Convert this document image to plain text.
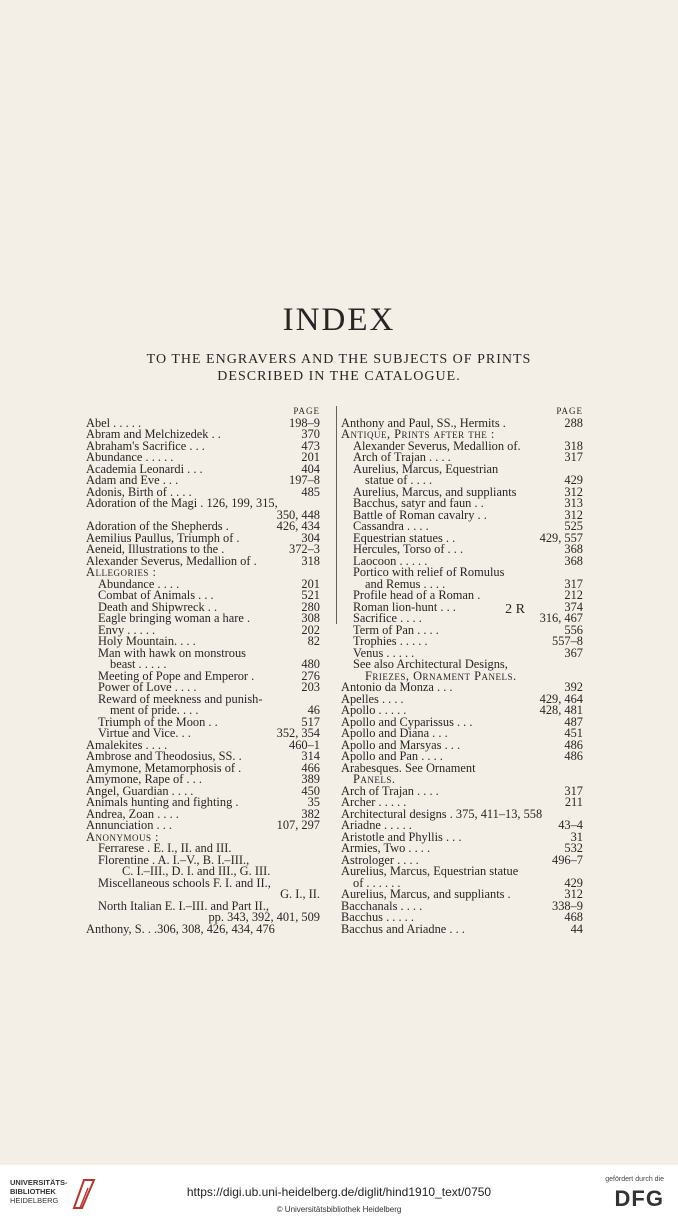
INDEX
TO THE ENGRAVERS AND THE SUBJECTS OF PRINTS
DESCRIBED IN THE CATALOGUE.
PAGE
Abel . . . . .	198–9
Abram and Melchizedek . .	370
Abraham's Sacrifice . . .	473
Abundance . . . . .	201
Academia Leonardi . . .	404
Adam and Eve . . .	197–8
Adonis, Birth of . . . .	485
Adoration of the Magi . 126, 199, 315,
350, 448
Adoration of the Shepherds .	426, 434
Aemilius Paullus, Triumph of .	304
Aeneid, Illustrations to the .	372–3
Alexander Severus, Medallion of .	318
Allegories :
Abundance . . . .	201
Combat of Animals . . .	521
Death and Shipwreck . .	280
Eagle bringing woman a hare .	308
Envy . . . . .	202
Holy Mountain. . . .	82
Man with hawk on monstrous
beast . . . . .	480
Meeting of Pope and Emperor .	276
Power of Love . . . .	203
Reward of meekness and punish-
ment of pride. . . .	46
Triumph of the Moon . .	517
Virtue and Vice. . .	352, 354
Amalekites . . . .	460–1
Ambrose and Theodosius, SS. .	314
Amymone, Metamorphosis of .	466
Amymone, Rape of . . .	389
Angel, Guardian . . . .	450
Animals hunting and fighting .	35
Andrea, Zoan . . . .	382
Annunciation . . .	107, 297
Anonymous :
Ferrarese . E. I., II. and III.
Florentine . A. I.–V., B. I.–III.,
C. I.–III., D. I. and III., G. III.
Miscellaneous schools F. I. and II.,
G. I., II.
North Italian E. I.–III. and Part II.,
pp. 343, 392, 401, 509
Anthony, S. . .306, 308, 426, 434, 476
PAGE
Anthony and Paul, SS., Hermits .	288
Antique, Prints after the :
Alexander Severus, Medallion of.	318
Arch of Trajan . . . .	317
Aurelius, Marcus, Equestrian
statue of . . . .	429
Aurelius, Marcus, and suppliants	312
Bacchus, satyr and faun . .	313
Battle of Roman cavalry . .	312
Cassandra . . . .	525
Equestrian statues . .	429, 557
Hercules, Torso of . . .	368
Laocoon . . . . .	368
Portico with relief of Romulus
and Remus . . . .	317
Profile head of a Roman .	212
Roman lion-hunt . . .	374
Sacrifice . . . .	316, 467
Term of Pan . . . .	556
Trophies . . . . .	557–8
Venus . . . . .	367
See also Architectural Designs,
Friezes, Ornament Panels.
Antonio da Monza . . .	392
Apelles . . . .	429, 464
Apollo . . . . .	428, 481
Apollo and Cyparissus . . .	487
Apollo and Diana . . .	451
Apollo and Marsyas . . .	486
Apollo and Pan . . . .	486
Arabesques. See Ornament
Panels.
Arch of Trajan . . . .	317
Archer . . . . .	211
Architectural designs . 375, 411–13, 558
Ariadne . . . . .	43–4
Aristotle and Phyllis . . .	31
Armies, Two . . . .	532
Astrologer . . . .	496–7
Aurelius, Marcus, Equestrian statue
of . . . . . .	429
Aurelius, Marcus, and suppliants .	312
Bacchanals . . . .	338–9
Bacchus . . . . .	468
Bacchus and Ariadne . . .	44
2 R
UNIVERSITÄTS-
BIBLIOTHEK
HEIDELBERG
https://digi.ub.uni-heidelberg.de/diglit/hind1910_text/0750
© Universitätsbibliothek Heidelberg
gefördert durch die
DFG
